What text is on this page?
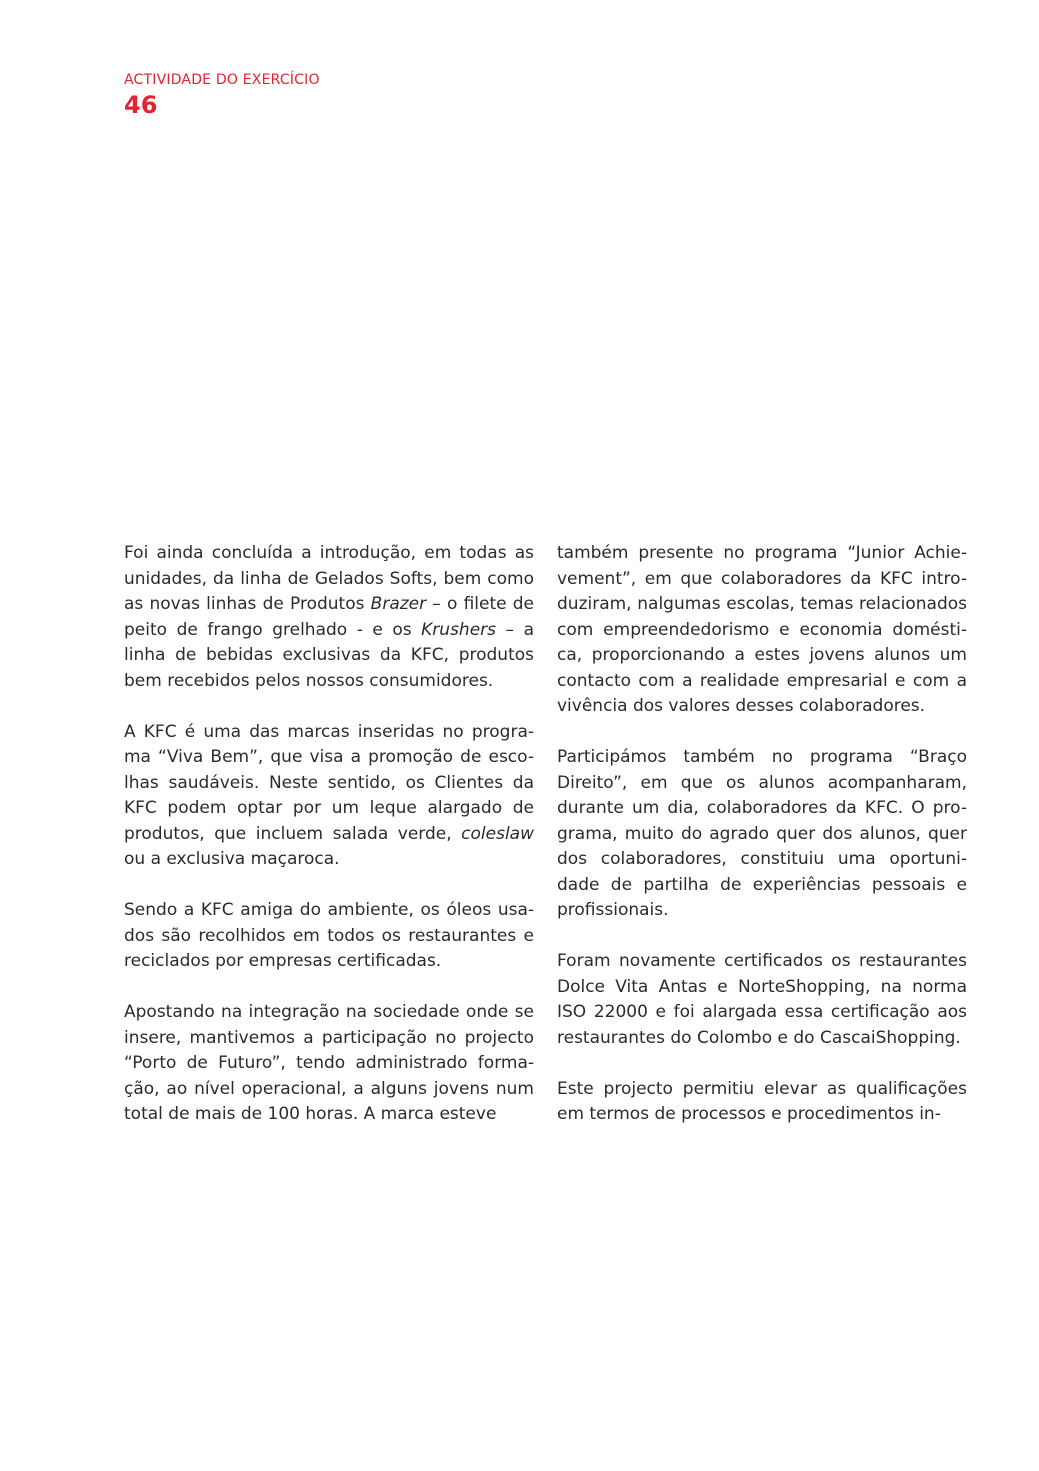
ACTIVIDADE DO EXERCÍCIO
46

Foi ainda concluída a introdução, em todas as unidades, da linha de Gelados Softs, bem como as novas linhas de Produtos Brazer – o filete de peito de frango grelhado - e os Krushers – a linha de bebidas exclusivas da KFC, produtos bem recebidos pelos nossos consumidores.

A KFC é uma das marcas inseridas no progra-ma “Viva Bem”, que visa a promoção de esco-lhas saudáveis. Neste sentido, os Clientes da KFC podem optar por um leque alargado de produtos, que incluem salada verde, coleslaw ou a exclusiva maçaroca.

Sendo a KFC amiga do ambiente, os óleos usa-dos são recolhidos em todos os restaurantes e reciclados por empresas certificadas.

Apostando na integração na sociedade onde se insere, mantivemos a participação no projecto “Porto de Futuro”, tendo administrado forma-ção, ao nível operacional, a alguns jovens num total de mais de 100 horas. A marca esteve

também presente no programa “Junior Achie-vement”, em que colaboradores da KFC intro-duziram, nalgumas escolas, temas relacionados com empreendedorismo e economia domésti-ca, proporcionando a estes jovens alunos um contacto com a realidade empresarial e com a vivência dos valores desses colaboradores.

Participámos também no programa “Braço Direito”, em que os alunos acompanharam, durante um dia, colaboradores da KFC. O pro-grama, muito do agrado quer dos alunos, quer dos colaboradores, constituiu uma oportuni-dade de partilha de experiências pessoais e profissionais.

Foram novamente certificados os restaurantes Dolce Vita Antas e NorteShopping, na norma ISO 22000 e foi alargada essa certificação aos restaurantes do Colombo e do CascaiShopping.

Este projecto permitiu elevar as qualificações em termos de processos e procedimentos in-
